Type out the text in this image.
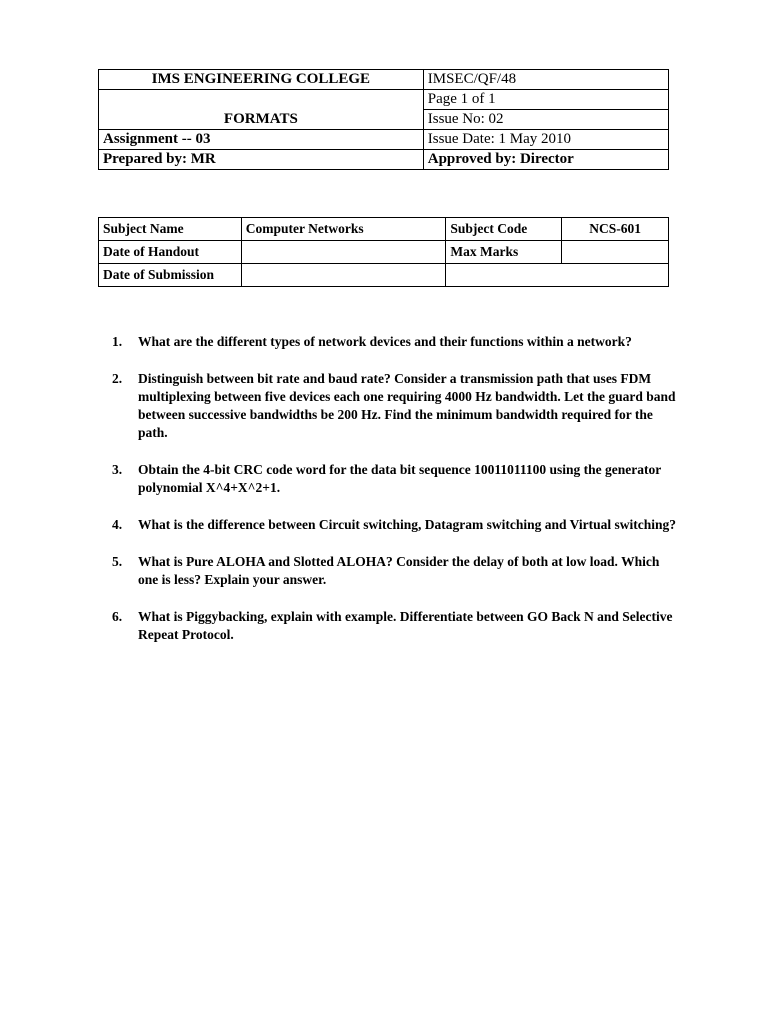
IMS ENGINEERING COLLEGE	IMSEC/QF/48
FORMATS	Page 1 of 1
	Issue No: 02
Assignment -- 03	Issue Date: 1 May 2010
Prepared by: MR	Approved by: Director
Subject Name	Computer Networks	Subject Code	NCS-601
Date of Handout		Max Marks	
Date of Submission			
1.	What are the different types of network devices and their functions within a network?
2.	Distinguish between bit rate and baud rate? Consider a transmission path that uses FDM multiplexing between five devices each one requiring 4000 Hz bandwidth. Let the guard band between successive bandwidths be 200 Hz. Find the minimum bandwidth required for the path.
3.	Obtain the 4-bit CRC code word for the data bit sequence 10011011100 using the generator polynomial X^4+X^2+1.
4.	What is the difference between Circuit switching, Datagram switching and Virtual switching?
5.	What is Pure ALOHA and Slotted ALOHA? Consider the delay of both at low load. Which one is less? Explain your answer.
6.	What is Piggybacking, explain with example. Differentiate between GO Back N and Selective Repeat Protocol.
